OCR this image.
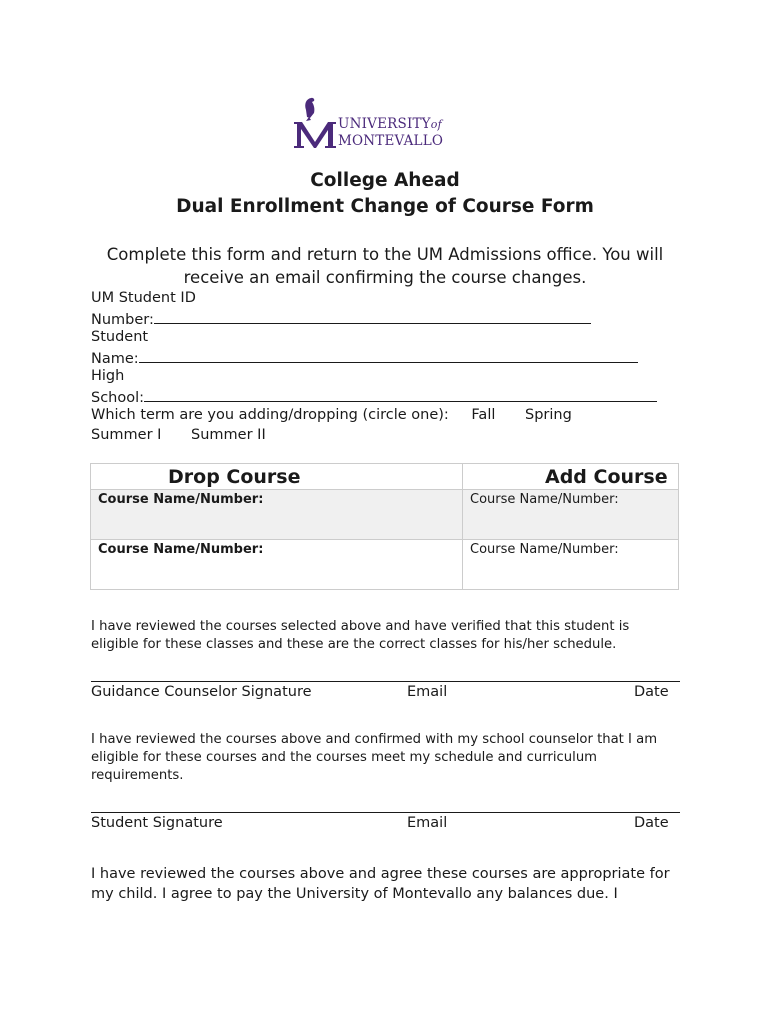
UNIVERSITYof
MONTEVALLO
College Ahead
Dual Enrollment Change of Course Form
Complete this form and return to the UM Admissions office. You will receive an email confirming the course changes.
UM Student ID
Number:
Student
Name:
High
School:
Which term are you adding/dropping (circle one): Fall Spring
Summer I Summer II
Drop Course	Add Course

Course Name/Number:	Course Name/Number:

Course Name/Number:	Course Name/Number:
I have reviewed the courses selected above and have verified that this student is eligible for these classes and these are the correct classes for his/her schedule.
Guidance Counselor Signature	Email	Date
I have reviewed the courses above and confirmed with my school counselor that I am eligible for these courses and the courses meet my schedule and curriculum requirements.
Student Signature	Email	Date
I have reviewed the courses above and agree these courses are appropriate for my child. I agree to pay the University of Montevallo any balances due. I
